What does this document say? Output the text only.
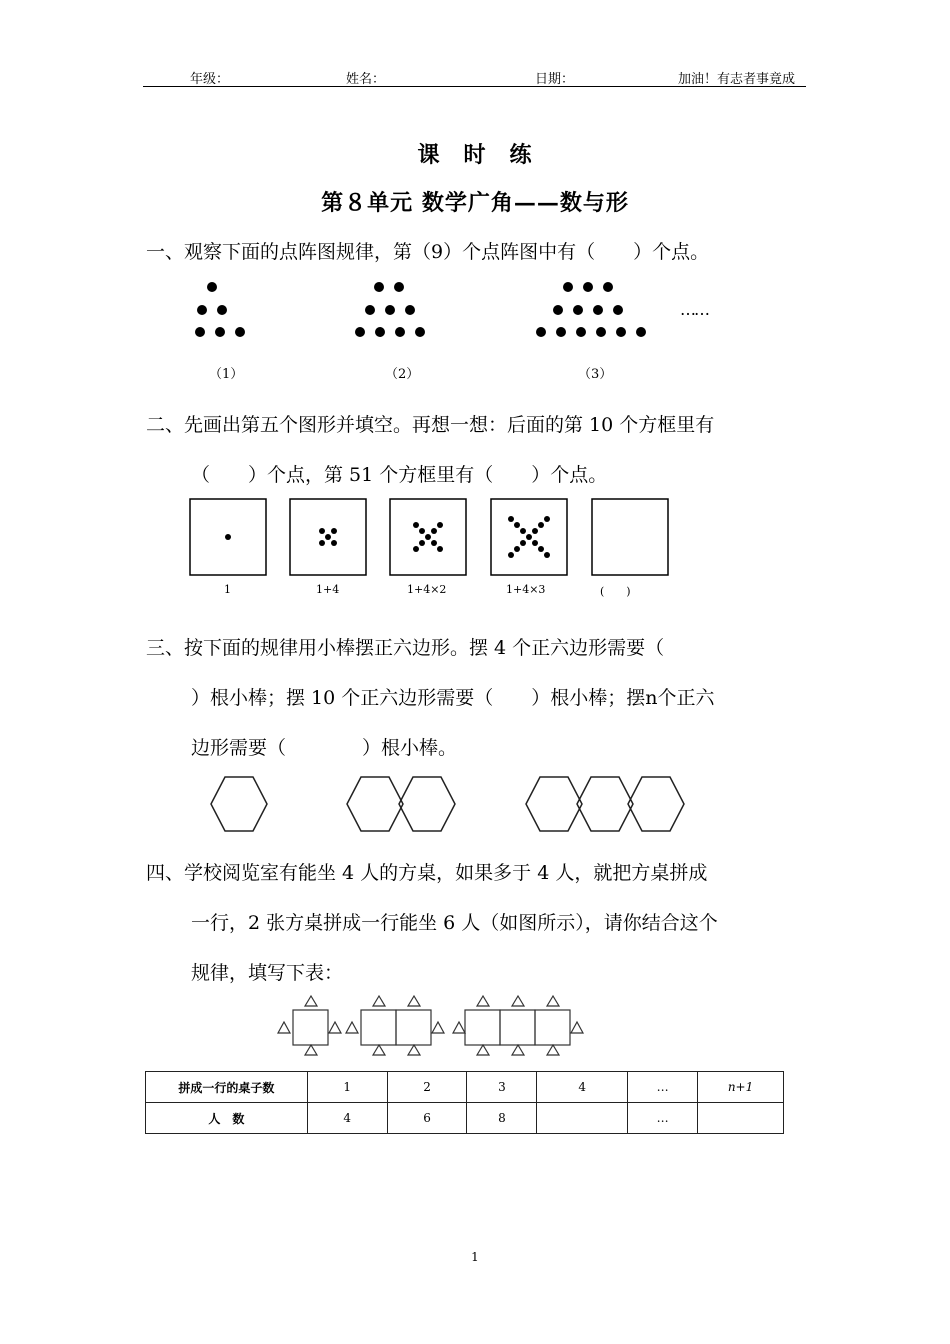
年级：	姓名：	日期：	加油！有志者事竟成
课　时　练
第８单元 数学广角——数与形
一、观察下面的点阵图规律，第（9）个点阵图中有（　　）个点。
……
（1）	（2）	（3）
二、先画出第五个图形并填空。再想一想：后面的第 10 个方框里有
（　　）个点，第 51 个方框里有（　　）个点。
1	1+4	1+4×2	1+4×3	(　　)
三、按下面的规律用小棒摆正六边形。摆 4 个正六边形需要（
）根小棒；摆 10 个正六边形需要（　　）根小棒；摆n个正六
边形需要（　　　　）根小棒。
四、学校阅览室有能坐 4 人的方桌，如果多于 4 人，就把方桌拼成
一行，2 张方桌拼成一行能坐 6 人（如图所示），请你结合这个
规律，填写下表：
拼成一行的桌子数	1	2	3	4	…	n+1
人　数	4	6	8		…	
1
